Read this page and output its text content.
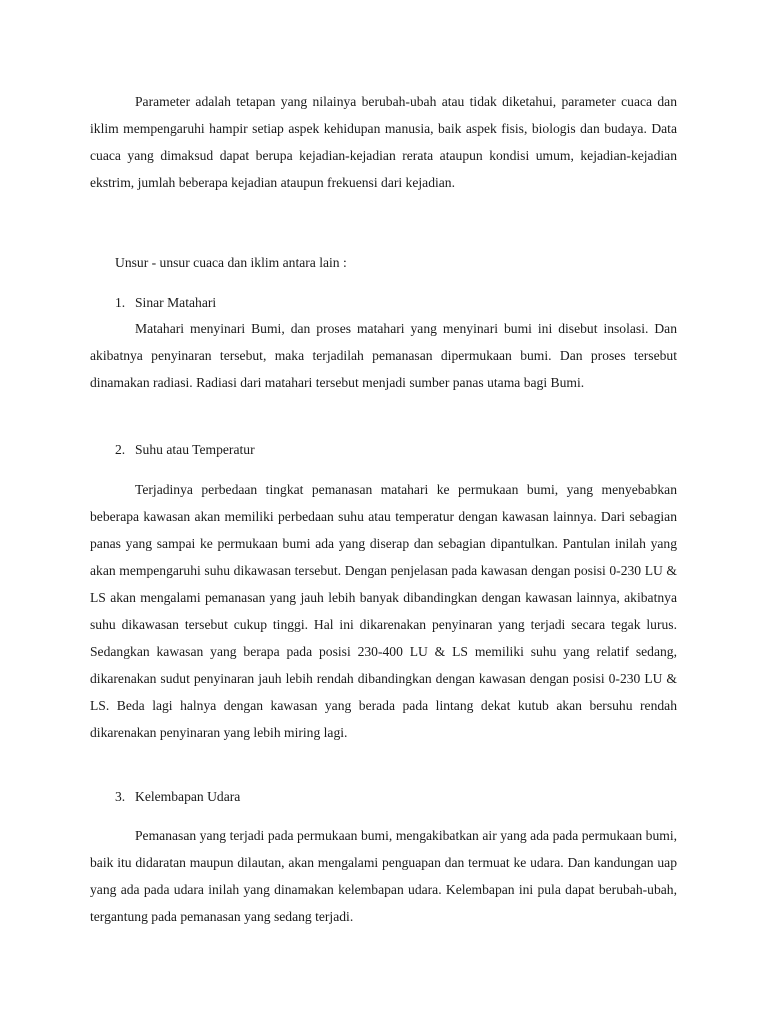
Parameter adalah tetapan yang nilainya berubah-ubah atau tidak diketahui, parameter cuaca dan iklim mempengaruhi hampir setiap aspek kehidupan manusia, baik aspek fisis, biologis dan budaya. Data cuaca yang dimaksud dapat berupa kejadian-kejadian rerata ataupun kondisi umum, kejadian-kejadian ekstrim, jumlah beberapa kejadian ataupun frekuensi dari kejadian.

Unsur - unsur cuaca dan iklim antara lain :

1. Sinar Matahari

Matahari menyinari Bumi, dan proses matahari yang menyinari bumi ini disebut insolasi. Dan akibatnya penyinaran tersebut, maka terjadilah pemanasan dipermukaan bumi. Dan proses tersebut dinamakan radiasi. Radiasi dari matahari tersebut menjadi sumber panas utama bagi Bumi.

2. Suhu atau Temperatur

Terjadinya perbedaan tingkat pemanasan matahari ke permukaan bumi, yang menyebabkan beberapa kawasan akan memiliki perbedaan suhu atau temperatur dengan kawasan lainnya. Dari sebagian panas yang sampai ke permukaan bumi ada yang diserap dan sebagian dipantulkan. Pantulan inilah yang akan mempengaruhi suhu dikawasan tersebut. Dengan penjelasan pada kawasan dengan posisi 0-230 LU & LS akan mengalami pemanasan yang jauh lebih banyak dibandingkan dengan kawasan lainnya, akibatnya suhu dikawasan tersebut cukup tinggi. Hal ini dikarenakan penyinaran yang terjadi secara tegak lurus. Sedangkan kawasan yang berapa pada posisi 230-400 LU & LS memiliki suhu yang relatif sedang, dikarenakan sudut penyinaran jauh lebih rendah dibandingkan dengan kawasan dengan posisi 0-230 LU & LS. Beda lagi halnya dengan kawasan yang berada pada lintang dekat kutub akan bersuhu rendah dikarenakan penyinaran yang lebih miring lagi.

3. Kelembapan Udara

Pemanasan yang terjadi pada permukaan bumi, mengakibatkan air yang ada pada permukaan bumi, baik itu didaratan maupun dilautan, akan mengalami penguapan dan termuat ke udara. Dan kandungan uap yang ada pada udara inilah yang dinamakan kelembapan udara. Kelembapan ini pula dapat berubah-ubah, tergantung pada pemanasan yang sedang terjadi.
